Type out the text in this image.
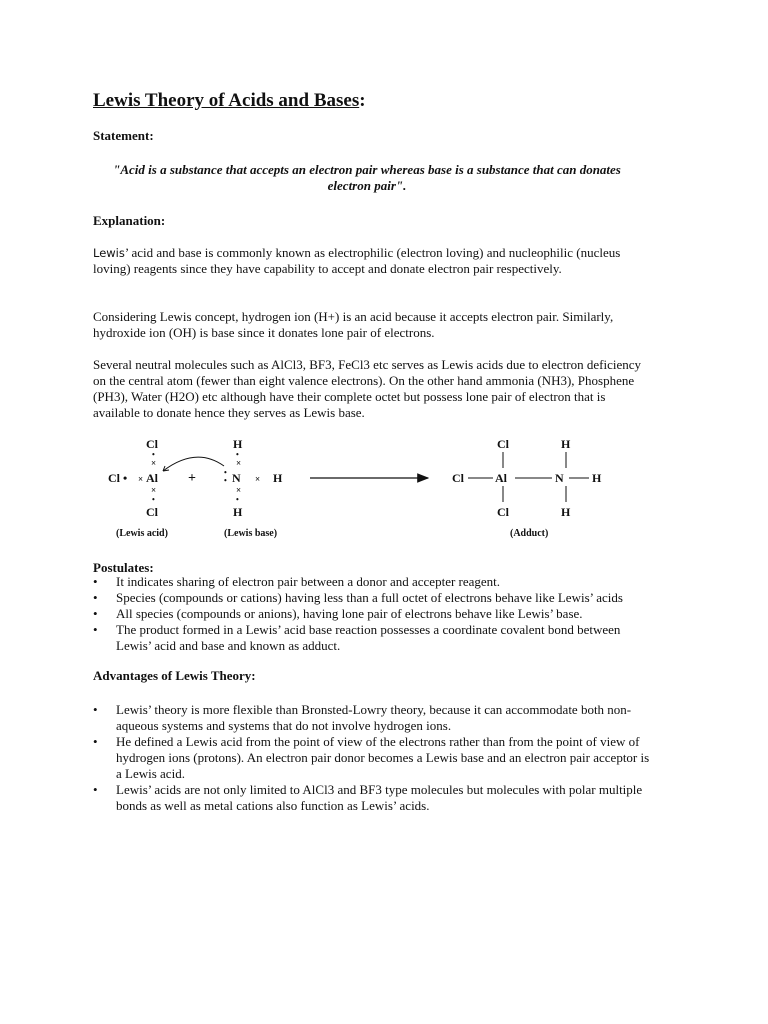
Lewis Theory of Acids and Bases:
Statement:
"Acid is a substance that accepts an electron pair whereas base is a substance that can donates electron pair".
Explanation:
Lewis’ acid and base is commonly known as electrophilic (electron loving) and nucleophilic (nucleus loving) reagents since they have capability to accept and donate electron pair respectively.
Considering Lewis concept, hydrogen ion (H+) is an acid because it accepts electron pair. Similarly, hydroxide ion (OH) is base since it donates lone pair of electrons.
Several neutral molecules such as AlCl3, BF3, FeCl3 etc serves as Lewis acids due to electron deficiency on the central atom (fewer than eight valence electrons). On the other hand ammonia (NH3), Phosphene (PH3), Water (H2O) etc although have their complete octet but possess lone pair of electron that is available to donate hence they serves as Lewis base.
Postulates:
• It indicates sharing of electron pair between a donor and accepter reagent.
• Species (compounds or cations) having less than a full octet of electrons behave like Lewis’ acids
• All species (compounds or anions), having lone pair of electrons behave like Lewis’ base.
• The product formed in a Lewis’ acid base reaction possesses a coordinate covalent bond between Lewis’ acid and base and known as adduct.
Advantages of Lewis Theory:
• Lewis’ theory is more flexible than Bronsted-Lowry theory, because it can accommodate both non-aqueous systems and systems that do not involve hydrogen ions.
• He defined a Lewis acid from the point of view of the electrons rather than from the point of view of hydrogen ions (protons). An electron pair donor becomes a Lewis base and an electron pair acceptor is a Lewis acid.
• Lewis’ acids are not only limited to AlCl3 and BF3 type molecules but molecules with polar multiple bonds as well as metal cations also function as Lewis’ acids.
Cl
•
×
Cl • × Al
×
•
Cl
+
H
•
×
•
• N × H
×
•
H
(Lewis acid)	(Lewis base)
Cl
Cl	Al	N H
H
Cl	H
(Adduct)
